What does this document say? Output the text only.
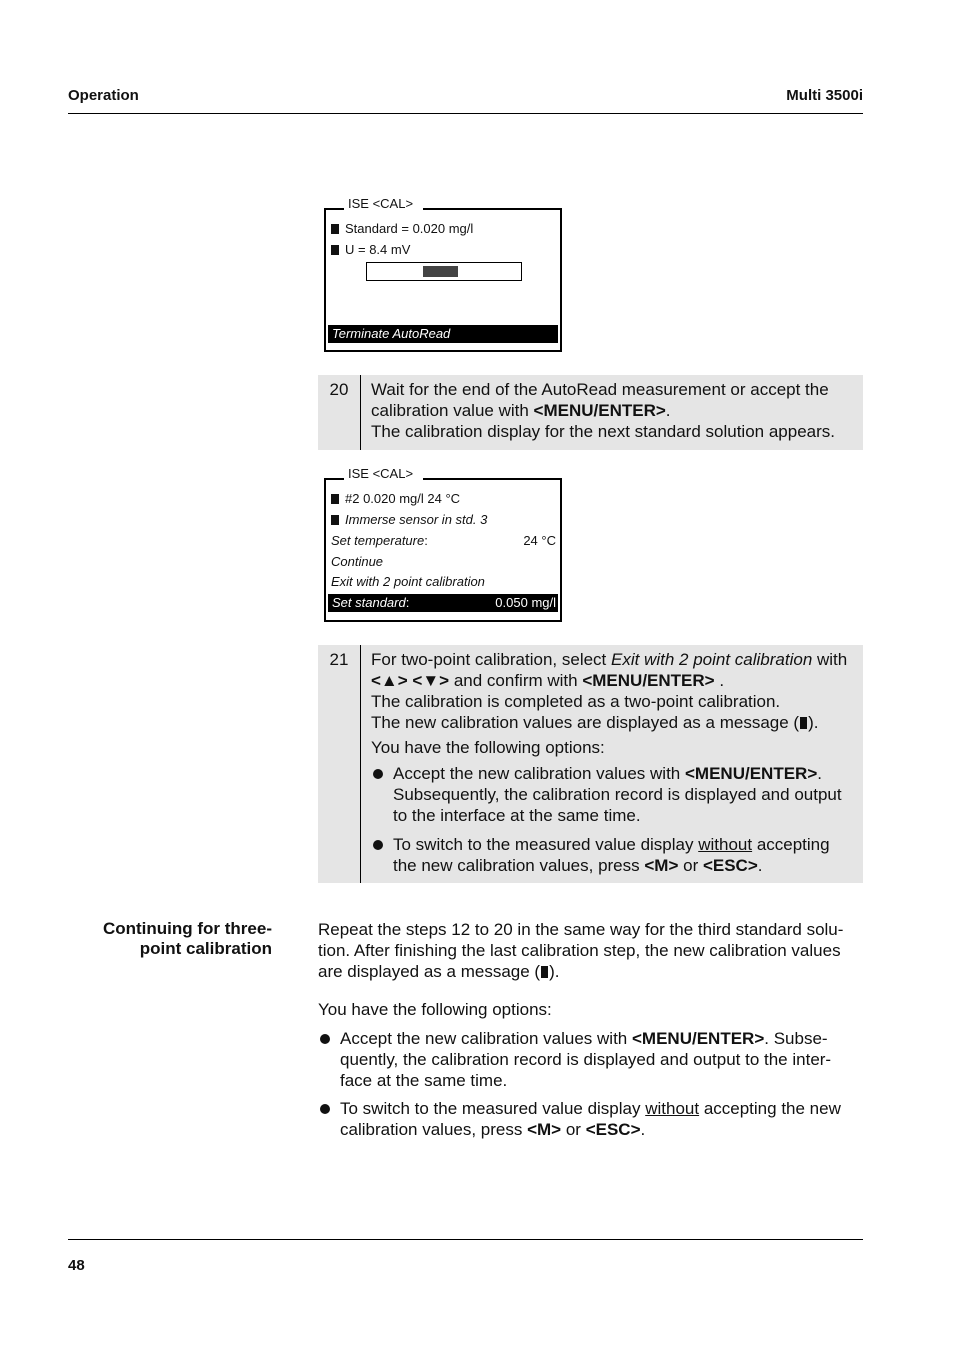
Operation	Multi 3500i
ISE <CAL>
Standard = 0.020 mg/l
U = 8.4 mV
Terminate AutoRead
20	Wait for the end of the AutoRead measurement or accept the calibration value with <MENU/ENTER>.

The calibration display for the next standard solution appears.

ISE <CAL>
#2 0.020 mg/l 24 °C
Immerse sensor in std. 3
Set temperature:	24 °C
Continue
Exit with 2 point calibration
Set standard:	0.050 mg/l
21	For two-point calibration, select Exit with 2 point calibration with

<▲> <▼> and confirm with <MENU/ENTER> .

The calibration is completed as a two-point calibration.

The new calibration values are displayed as a message ( ).

You have the following options:

Accept the new calibration values with <MENU/ENTER>. Subsequently, the calibration record is displayed and output to the interface at the same time.
To switch to the measured value display without accepting the new calibration values, press <M> or <ESC>.
Continuing for three-
point calibration
Repeat the steps 12 to 20 in the same way for the third standard solu-
tion. After finishing the last calibration step, the new calibration values
are displayed as a message ( ).
You have the following options:
Accept the new calibration values with <MENU/ENTER>. Subse-
quently, the calibration record is displayed and output to the inter-
face at the same time.
To switch to the measured value display without accepting the new
calibration values, press <M> or <ESC>.
48
